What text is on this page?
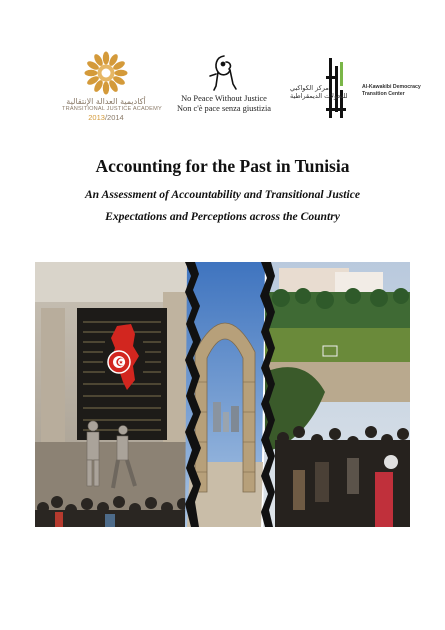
أكاديمية العدالة الإنتقالية
TRANSITIONAL JUSTICE ACADEMY
2013/2014
No Peace Without Justice
Non c'è pace senza giustizia
مركز الكواكبي
للتحولات الديمقراطية
Al-Kawakibi Democracy
Transition Center
Accounting for the Past in Tunisia
An Assessment of Accountability and Transitional Justice
Expectations and Perceptions across the Country
